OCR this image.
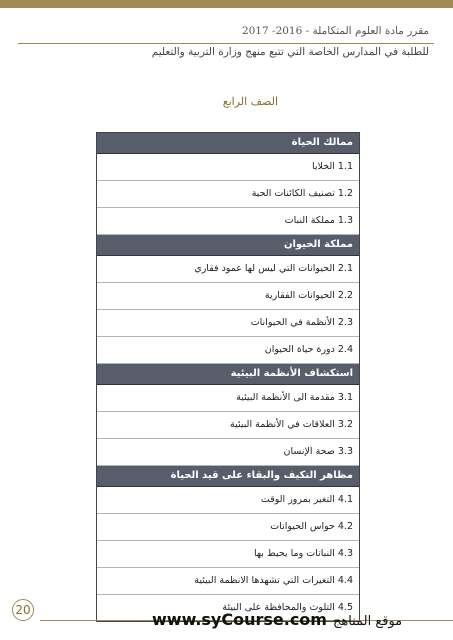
مقرر مادة العلوم المتكاملة - 2016- 2017
للطلبة في المدارس الخاصة التي تتبع منهج وزارة التربية والتعليم
الصف الرابع
ممالك الحياة
1.1 الخلايا
1.2 تصنيف الكائنات الحية
1.3 مملكة النبات
مملكة الحيوان
2.1 الحيوانات التي ليس لها عمود فقاري
2.2 الحيوانات الفقارية
2.3 الأنظمة في الحيوانات
2.4 دورة حياة الحيوان
استكشاف الأنظمة البيئية
3.1 مقدمة الى الأنظمة البيئية
3.2 العلاقات في الأنظمة البيئية
3.3 صحة الإنسان
مظاهر التكيف والبقاء على قيد الحياة
4.1 التغير بمرور الوقت
4.2 حواس الحيوانات
4.3 النباتات وما يحيط بها
4.4 التغيرات التي تشهدها الانظمة البيئية
4.5 التلوث والمحافظة على البيئة
20	www.syCourse.com موقع المناهج
